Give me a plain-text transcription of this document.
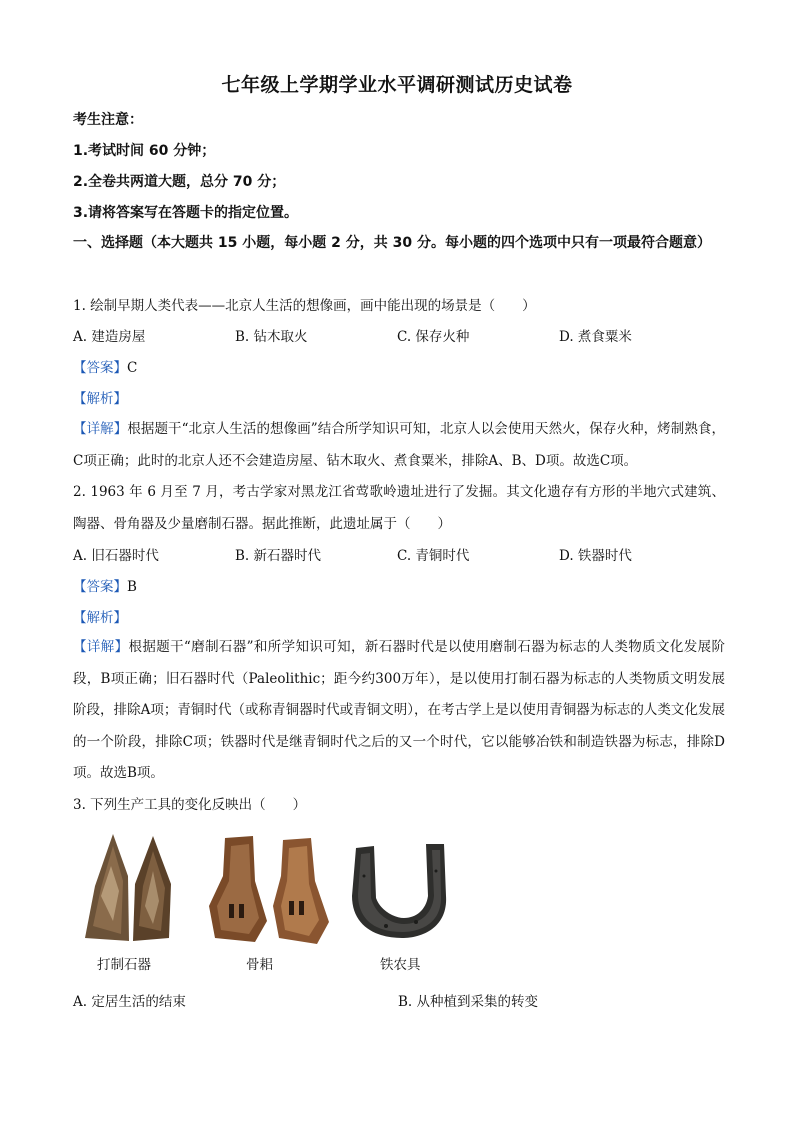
七年级上学期学业水平调研测试历史试卷
考生注意：
1.考试时间 60 分钟；
2.全卷共两道大题，总分 70 分；
3.请将答案写在答题卡的指定位置。
一、选择题（本大题共 15 小题，每小题 2 分，共 30 分。每小题的四个选项中只有一项最符合题意）
1. 绘制早期人类代表——北京人生活的想像画，画中能出现的场景是（　　）
A. 建造房屋	B. 钻木取火	C. 保存火种	D. 煮食粟米
【答案】C
【解析】

【详解】根据题干“北京人生活的想像画”结合所学知识可知，北京人以会使用天然火，保存火种，烤制熟食，C项正确；此时的北京人还不会建造房屋、钻木取火、煮食粟米，排除A、B、D项。故选C项。

2. 1963 年 6 月至 7 月，考古学家对黑龙江省莺歌岭遗址进行了发掘。其文化遗存有方形的半地穴式建筑、陶器、骨角器及少量磨制石器。据此推断，此遗址属于（　　）

A. 旧石器时代	B. 新石器时代	C. 青铜时代	D. 铁器时代
【答案】B
【解析】

【详解】根据题干“磨制石器”和所学知识可知，新石器时代是以使用磨制石器为标志的人类物质文化发展阶段，B项正确；旧石器时代（Paleolithic；距今约300万年），是以使用打制石器为标志的人类物质文明发展阶段，排除A项；青铜时代（或称青铜器时代或青铜文明），在考古学上是以使用青铜器为标志的人类文化发展的一个阶段，排除C项；铁器时代是继青铜时代之后的又一个时代，它以能够冶铁和制造铁器为标志，排除D项。故选B项。

3. 下列生产工具的变化反映出（　　）
打制石器	骨耜	铁农具
A. 定居生活的结束	B. 从种植到采集的转变
